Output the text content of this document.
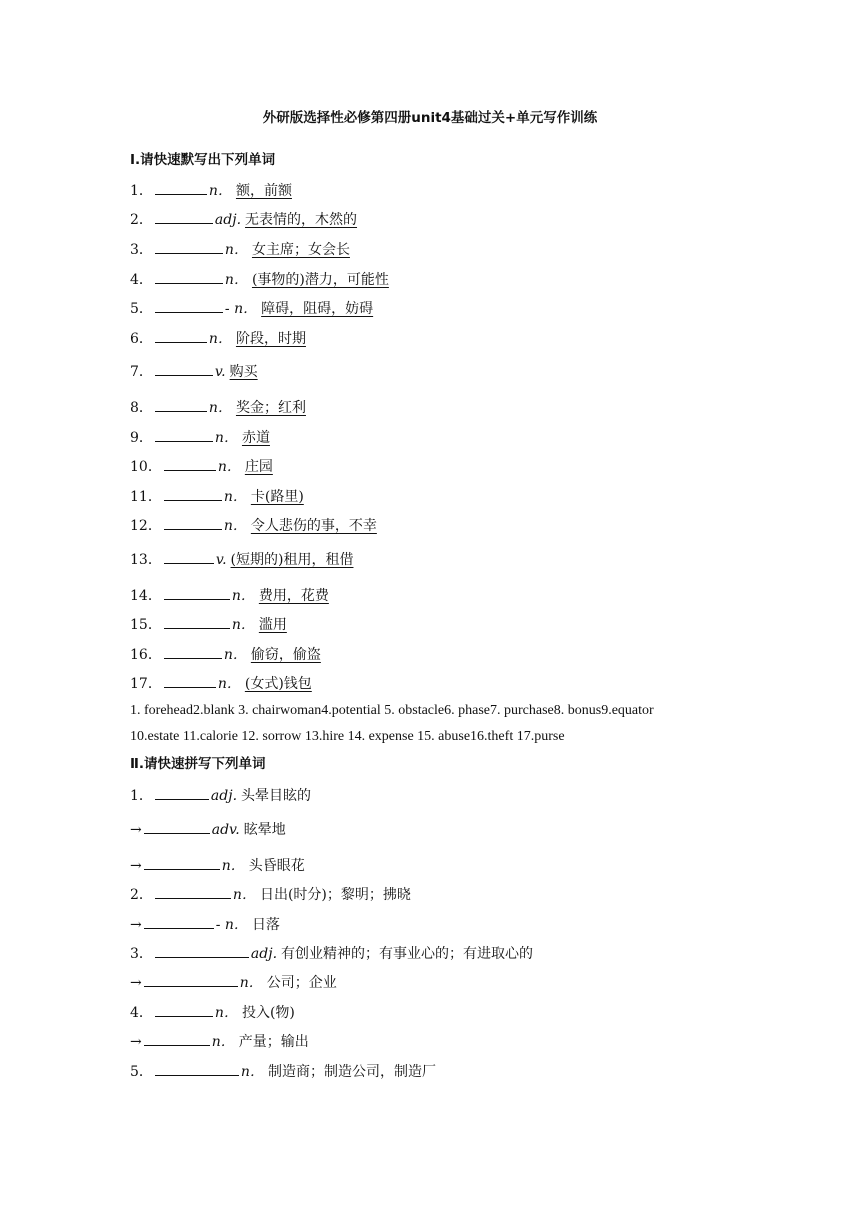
外研版选择性必修第四册unit4基础过关+单元写作训练
Ⅰ.请快速默写出下列单词
1．	n． 额，前额
2．	adj. 无表情的，木然的
3．	n． 女主席；女会长
4．	n． (事物的)潜力，可能性
5．	- n． 障碍，阻碍，妨碍
6．	n． 阶段，时期
7．	v. 购买
8．	n． 奖金；红利
9．	n． 赤道
10．	n． 庄园
11．	n． 卡(路里)
12．	n． 令人悲伤的事，不幸
13．	v. (短期的)租用，租借
14．	n． 费用，花费
15．	n． 滥用
16．	n． 偷窃，偷盗
17．	n． (女式)钱包
1. forehead2.blank 3. chairwoman4.potential 5. obstacle6. phase7. purchase8. bonus9.equator
10.estate 11.calorie 12. sorrow 13.hire 14. expense 15. abuse16.theft 17.purse
Ⅱ.请快速拼写下列单词
1．	adj. 头晕目眩的
→	adv. 眩晕地
→	n． 头昏眼花
2．	n． 日出(时分)；黎明；拂晓
→	- n． 日落
3．	adj. 有创业精神的；有事业心的；有进取心的
→	n． 公司；企业
4．	n． 投入(物)
→	n． 产量；输出
5．	n． 制造商；制造公司，制造厂
